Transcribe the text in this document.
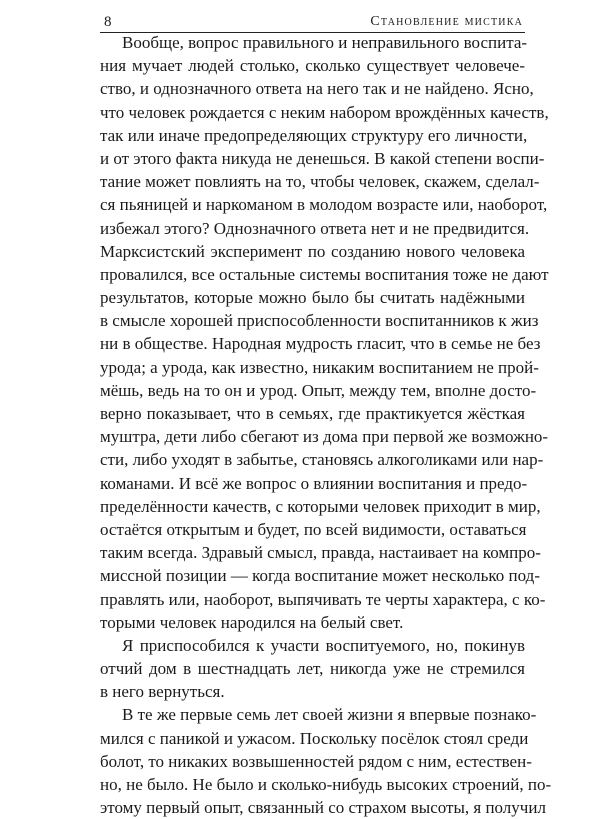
8	Становление мистика
Вообще, вопрос правильного и неправильного воспита-
ния мучает людей столько, сколько существует человече-
ство, и однозначного ответа на него так и не найдено. Ясно,
что человек рождается с неким набором врождённых качеств,
так или иначе предопределяющих структуру его личности,
и от этого факта никуда не денешься. В какой степени воспи-
тание может повлиять на то, чтобы человек, скажем, сделал-
ся пьяницей и наркоманом в молодом возрасте или, наоборот,
избежал этого? Однозначного ответа нет и не предвидится.
Марксистский эксперимент по созданию нового человека
провалился, все остальные системы воспитания тоже не дают
результатов, которые можно было бы считать надёжными
в смысле хорошей приспособленности воспитанников к жиз
ни в обществе. Народная мудрость гласит, что в семье не без
урода; а урода, как известно, никаким воспитанием не прой-
мёшь, ведь на то он и урод. Опыт, между тем, вполне досто-
верно показывает, что в семьях, где практикуется жёсткая
муштра, дети либо сбегают из дома при первой же возможно-
сти, либо уходят в забытье, становясь алкоголиками или нар-
команами. И всё же вопрос о влиянии воспитания и предо-
пределённости качеств, с которыми человек приходит в мир,
остаётся открытым и будет, по всей видимости, оставаться
таким всегда. Здравый смысл, правда, настаивает на компро-
миссной позиции — когда воспитание может несколько под-
правлять или, наоборот, выпячивать те черты характера, с ко-
торыми человек народился на белый свет.
Я приспособился к участи воспитуемого, но, покинув
отчий дом в шестнадцать лет, никогда уже не стремился
в него вернуться.
В те же первые семь лет своей жизни я впервые познако-
мился с паникой и ужасом. Поскольку посёлок стоял среди
болот, то никаких возвышенностей рядом с ним, естествен-
но, не было. Не было и сколько-нибудь высоких строений, по-
этому первый опыт, связанный со страхом высоты, я получил
